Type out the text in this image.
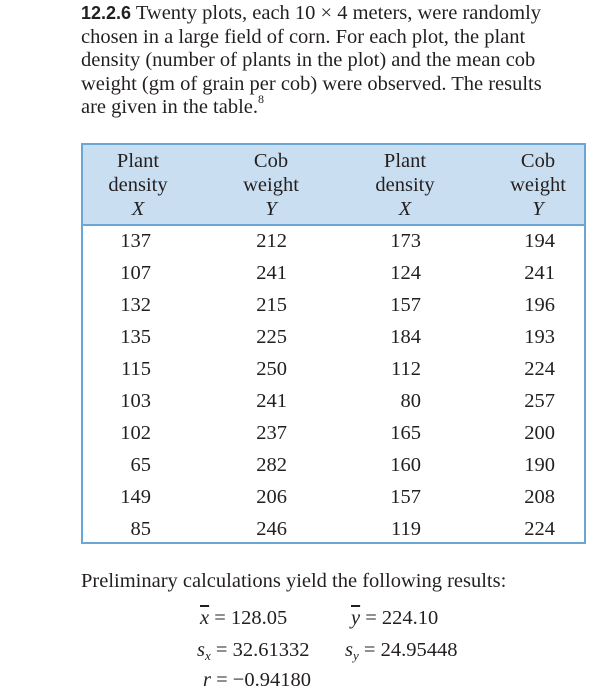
12.2.6 Twenty plots, each 10 × 4 meters, were randomly
chosen in a large field of corn. For each plot, the plant
density (number of plants in the plot) and the mean cob
weight (gm of grain per cob) were observed. The results
are given in the table.$^8$
Plant
density
X
Cob
weight
Y
Plant
density
X
Cob
weight
Y
137
107
132
135
115
103
102
65
149
85
212
241
215
225
250
241
237
282
206
246
173
124
157
184
112
80
165
160
157
119
194
241
196
193
224
257
200
190
208
224
Preliminary calculations yield the following results:
$\overline{x} = 128.05$	$\overline{y} = 224.10$
$s_x = 32.61332$ $s_y = 24.95448$
r = −0.94180
